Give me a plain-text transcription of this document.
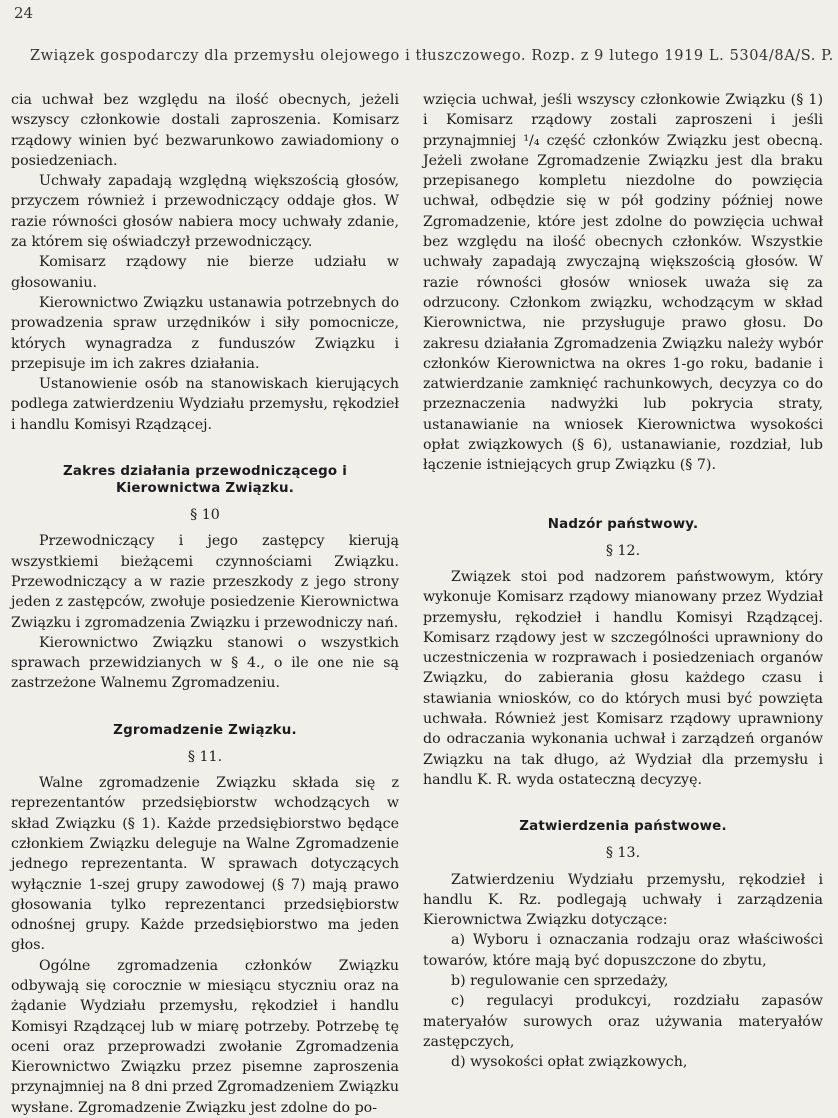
24
Związek gospodarczy dla przemysłu olejowego i tłuszczowego. Rozp. z 9 lutego 1919 L. 5304/8A/S. P.

cia uchwał bez względu na ilość obecnych, jeżeli wszyscy członkowie dostali zaproszenia. Komisarz rządowy winien być bezwarunkowo zawiadomiony o posiedzeniach.

Uchwały zapadają względną większością głosów, przyczem również i przewodniczący oddaje głos. W razie równości głosów nabiera mocy uchwały zdanie, za którem się oświadczył przewodniczący.

Komisarz rządowy nie bierze udziału w głosowaniu.

Kierownictwo Związku ustanawia potrzebnych do prowadzenia spraw urzędników i siły pomocnicze, których wynagradza z funduszów Związku i przepisuje im ich zakres działania.

Ustanowienie osób na stanowiskach kierujących podlega zatwierdzeniu Wydziału przemysłu, rękodzieł i handlu Komisyi Rządzącej.

Zakres działania przewodniczącego i Kierownictwa Związku.
§ 10

Przewodniczący i jego zastępcy kierują wszystkiemi bieżącemi czynnościami Związku. Przewodniczący a w razie przeszkody z jego strony jeden z zastępców, zwołuje posiedzenie Kierownictwa Związku i zgromadzenia Związku i przewodniczy nań.

Kierownictwo Związku stanowi o wszystkich sprawach przewidzianych w § 4., o ile one nie są zastrzeżone Walnemu Zgromadzeniu.

Zgromadzenie Związku.
§ 11.

Walne zgromadzenie Związku składa się z reprezentantów przedsiębiorstw wchodzących w skład Związku (§ 1). Każde przedsiębiorstwo będące członkiem Związku deleguje na Walne Zgromadzenie jednego reprezentanta. W sprawach dotyczących wyłącznie 1-szej grupy zawodowej (§ 7) mają prawo głosowania tylko reprezentanci przedsiębiorstw odnośnej grupy. Każde przedsiębiorstwo ma jeden głos.

Ogólne zgromadzenia członków Związku odbywają się corocznie w miesiącu styczniu oraz na żądanie Wydziału przemysłu, rękodzieł i handlu Komisyi Rządzącej lub w miarę potrzeby. Potrzebę tę oceni oraz przeprowadzi zwołanie Zgromadzenia Kierownictwo Związku przez pisemne zaproszenia przynajmniej na 8 dni przed Zgromadzeniem Związku wysłane. Zgromadzenie Związku jest zdolne do po-

wzięcia uchwał, jeśli wszyscy członkowie Związku (§ 1) i Komisarz rządowy zostali zaproszeni i jeśli przynajmniej ¹/₄ część członków Związku jest obecną. Jeżeli zwołane Zgromadzenie Związku jest dla braku przepisanego kompletu niezdolne do powzięcia uchwał, odbędzie się w pół godziny później nowe Zgromadzenie, które jest zdolne do powzięcia uchwał bez względu na ilość obecnych członków. Wszystkie uchwały zapadają zwyczajną większością głosów. W razie równości głosów wniosek uważa się za odrzucony. Członkom związku, wchodzącym w skład Kierownictwa, nie przysługuje prawo głosu. Do zakresu działania Zgromadzenia Związku należy wybór członków Kierownictwa na okres 1-go roku, badanie i zatwierdzanie zamknięć rachunkowych, decyzya co do przeznaczenia nadwyżki lub pokrycia straty, ustanawianie na wniosek Kierownictwa wysokości opłat związkowych (§ 6), ustanawianie, rozdział, lub łączenie istniejących grup Związku (§ 7).

Nadzór państwowy.
§ 12.

Związek stoi pod nadzorem państwowym, który wykonuje Komisarz rządowy mianowany przez Wydział przemysłu, rękodzieł i handlu Komisyi Rządzącej. Komisarz rządowy jest w szczególności uprawniony do uczestniczenia w rozprawach i posiedzeniach organów Związku, do zabierania głosu każdego czasu i stawiania wniosków, co do których musi być powzięta uchwała. Również jest Komisarz rządowy uprawniony do odraczania wykonania uchwał i zarządzeń organów Związku na tak długo, aż Wydział dla przemysłu i handlu K. R. wyda ostateczną decyzyę.

Zatwierdzenia państwowe.
§ 13.

Zatwierdzeniu Wydziału przemysłu, rękodzieł i handlu K. Rz. podlegają uchwały i zarządzenia Kierownictwa Związku dotyczące:

a) Wyboru i oznaczania rodzaju oraz właściwości towarów, które mają być dopuszczone do zbytu,

b) regulowanie cen sprzedaży,

c) regulacyi produkcyi, rozdziału zapasów materyałów surowych oraz używania materyałów zastępczych,

d) wysokości opłat związkowych,
